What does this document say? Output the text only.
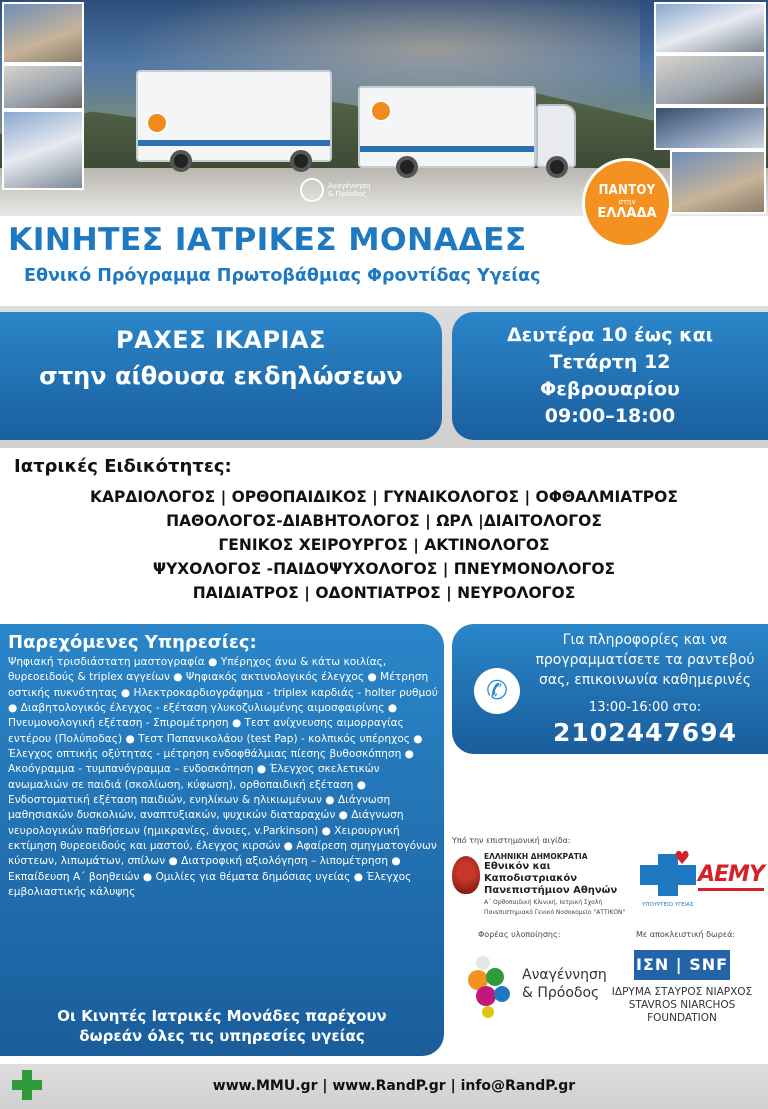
Αναγέννηση & Πρόοδος	ΠΑΝΤΟΥ
στην
ΕΛΛΑΔΑ
ΚΙΝΗΤΕΣ ΙΑΤΡΙΚΕΣ ΜΟΝΑΔΕΣ
Εθνικό Πρόγραμμα Πρωτοβάθμιας Φροντίδας Υγείας
ΡΑΧΕΣ ΙΚΑΡΙΑΣ
στην αίθουσα εκδηλώσεων
Δευτέρα 10 έως και
Τετάρτη 12
Φεβρουαρίου
09:00–18:00
Ιατρικές Ειδικότητες:
ΚΑΡΔΙΟΛΟΓΟΣ | ΟΡΘΟΠΑΙΔΙΚΟΣ | ΓΥΝΑΙΚΟΛΟΓΟΣ | ΟΦΘΑΛΜΙΑΤΡΟΣ
ΠΑΘΟΛΟΓΟΣ-ΔΙΑΒΗΤΟΛΟΓΟΣ | ΩΡΛ |ΔΙΑΙΤΟΛΟΓΟΣ
ΓΕΝΙΚΟΣ ΧΕΙΡΟΥΡΓΟΣ | ΑΚΤΙΝΟΛΟΓΟΣ
ΨΥΧΟΛΟΓΟΣ -ΠΑΙΔΟΨΥΧΟΛΟΓΟΣ | ΠΝΕΥΜΟΝΟΛΟΓΟΣ
ΠΑΙΔΙΑΤΡΟΣ | ΟΔΟΝΤΙΑΤΡΟΣ | ΝΕΥΡΟΛΟΓΟΣ
Παρεχόμενες Υπηρεσίες:
Ψηφιακή τρισδιάστατη μαστογραφία ● Υπέρηχος άνω & κάτω κοιλίας, θυρεοειδούς & triplex αγγείων ● Ψηφιακός ακτινολογικός έλεγχος ● Μέτρηση οστικής πυκνότητας ● Ηλεκτροκαρδιογράφημα - triplex καρδιάς - holter ρυθμού ● Διαβητολογικός έλεγχος - εξέταση γλυκοζυλιωμένης αιμοσφαιρίνης ● Πνευμονολογική εξέταση - Σπιρομέτρηση ● Τεστ ανίχνευσης αιμορραγίας εντέρου (Πολύποδας) ● Τεστ Παπανικολάου (test Pap) - κολπικός υπέρηχος ● Έλεγχος οπτικής οξύτητας - μέτρηση ενδοφθάλμιας πίεσης βυθοσκόπηση ● Ακοόγραμμα - τυμπανόγραμμα – ενδοσκόπηση ● Έλεγχος σκελετικών ανωμαλιών σε παιδιά (σκολίωση, κύφωση), ορθοπαιδική εξέταση ● Ενδοστοματική εξέταση παιδιών, ενηλίκων & ηλικιωμένων ● Διάγνωση μαθησιακών δυσκολιών, αναπτυξιακών, ψυχικών διαταραχών ● Διάγνωση νευρολογικών παθήσεων (ημικρανίες, άνοιες, v.Parkinson) ● Χειρουργική εκτίμηση θυρεοειδούς και μαστού, έλεγχος κιρσών ● Αφαίρεση σμηγματογόνων κύστεων, λιπωμάτων, σπίλων ● Διατροφική αξιολόγηση – λιπομέτρηση ● Εκπαίδευση Α΄ βοηθειών ● Ομιλίες για θέματα δημόσιας υγείας ● Έλεγχος εμβολιαστικής κάλυψης
Οι Κινητές Ιατρικές Μονάδες παρέχουν
δωρεάν όλες τις υπηρεσίες υγείας
✆
Για πληροφορίες και να
προγραμματίσετε τα ραντεβού
σας, επικοινωνία καθημερινές
13:00-16:00 στο:
2102447694
Υπό την επιστημονική αιγίδα:
ΕΛΛΗΝΙΚΗ ΔΗΜΟΚΡΑΤΙΑ
Εθνικόν και Καποδιστριακόν
Πανεπιστήμιον Αθηνών
Α΄ Ορθοπαιδική Κλινική, Ιατρική Σχολή
Πανεπιστημιακό Γενικό Νοσοκομείο "ΑΤΤΙΚΟΝ"
♥
ΥΠΟΥΡΓΕΙΟ ΥΓΕΙΑΣ
AEMY
Φορέας υλοποίησης:
Αναγέννηση
& Πρόοδος
Με αποκλειστική δωρεά:
ΙΣΝ | SNF
ΙΔΡΥΜΑ ΣΤΑΥΡΟΣ ΝΙΑΡΧΟΣ
STAVROS NIARCHOS
FOUNDATION
www.MMU.gr | www.RandP.gr | info@RandP.gr
